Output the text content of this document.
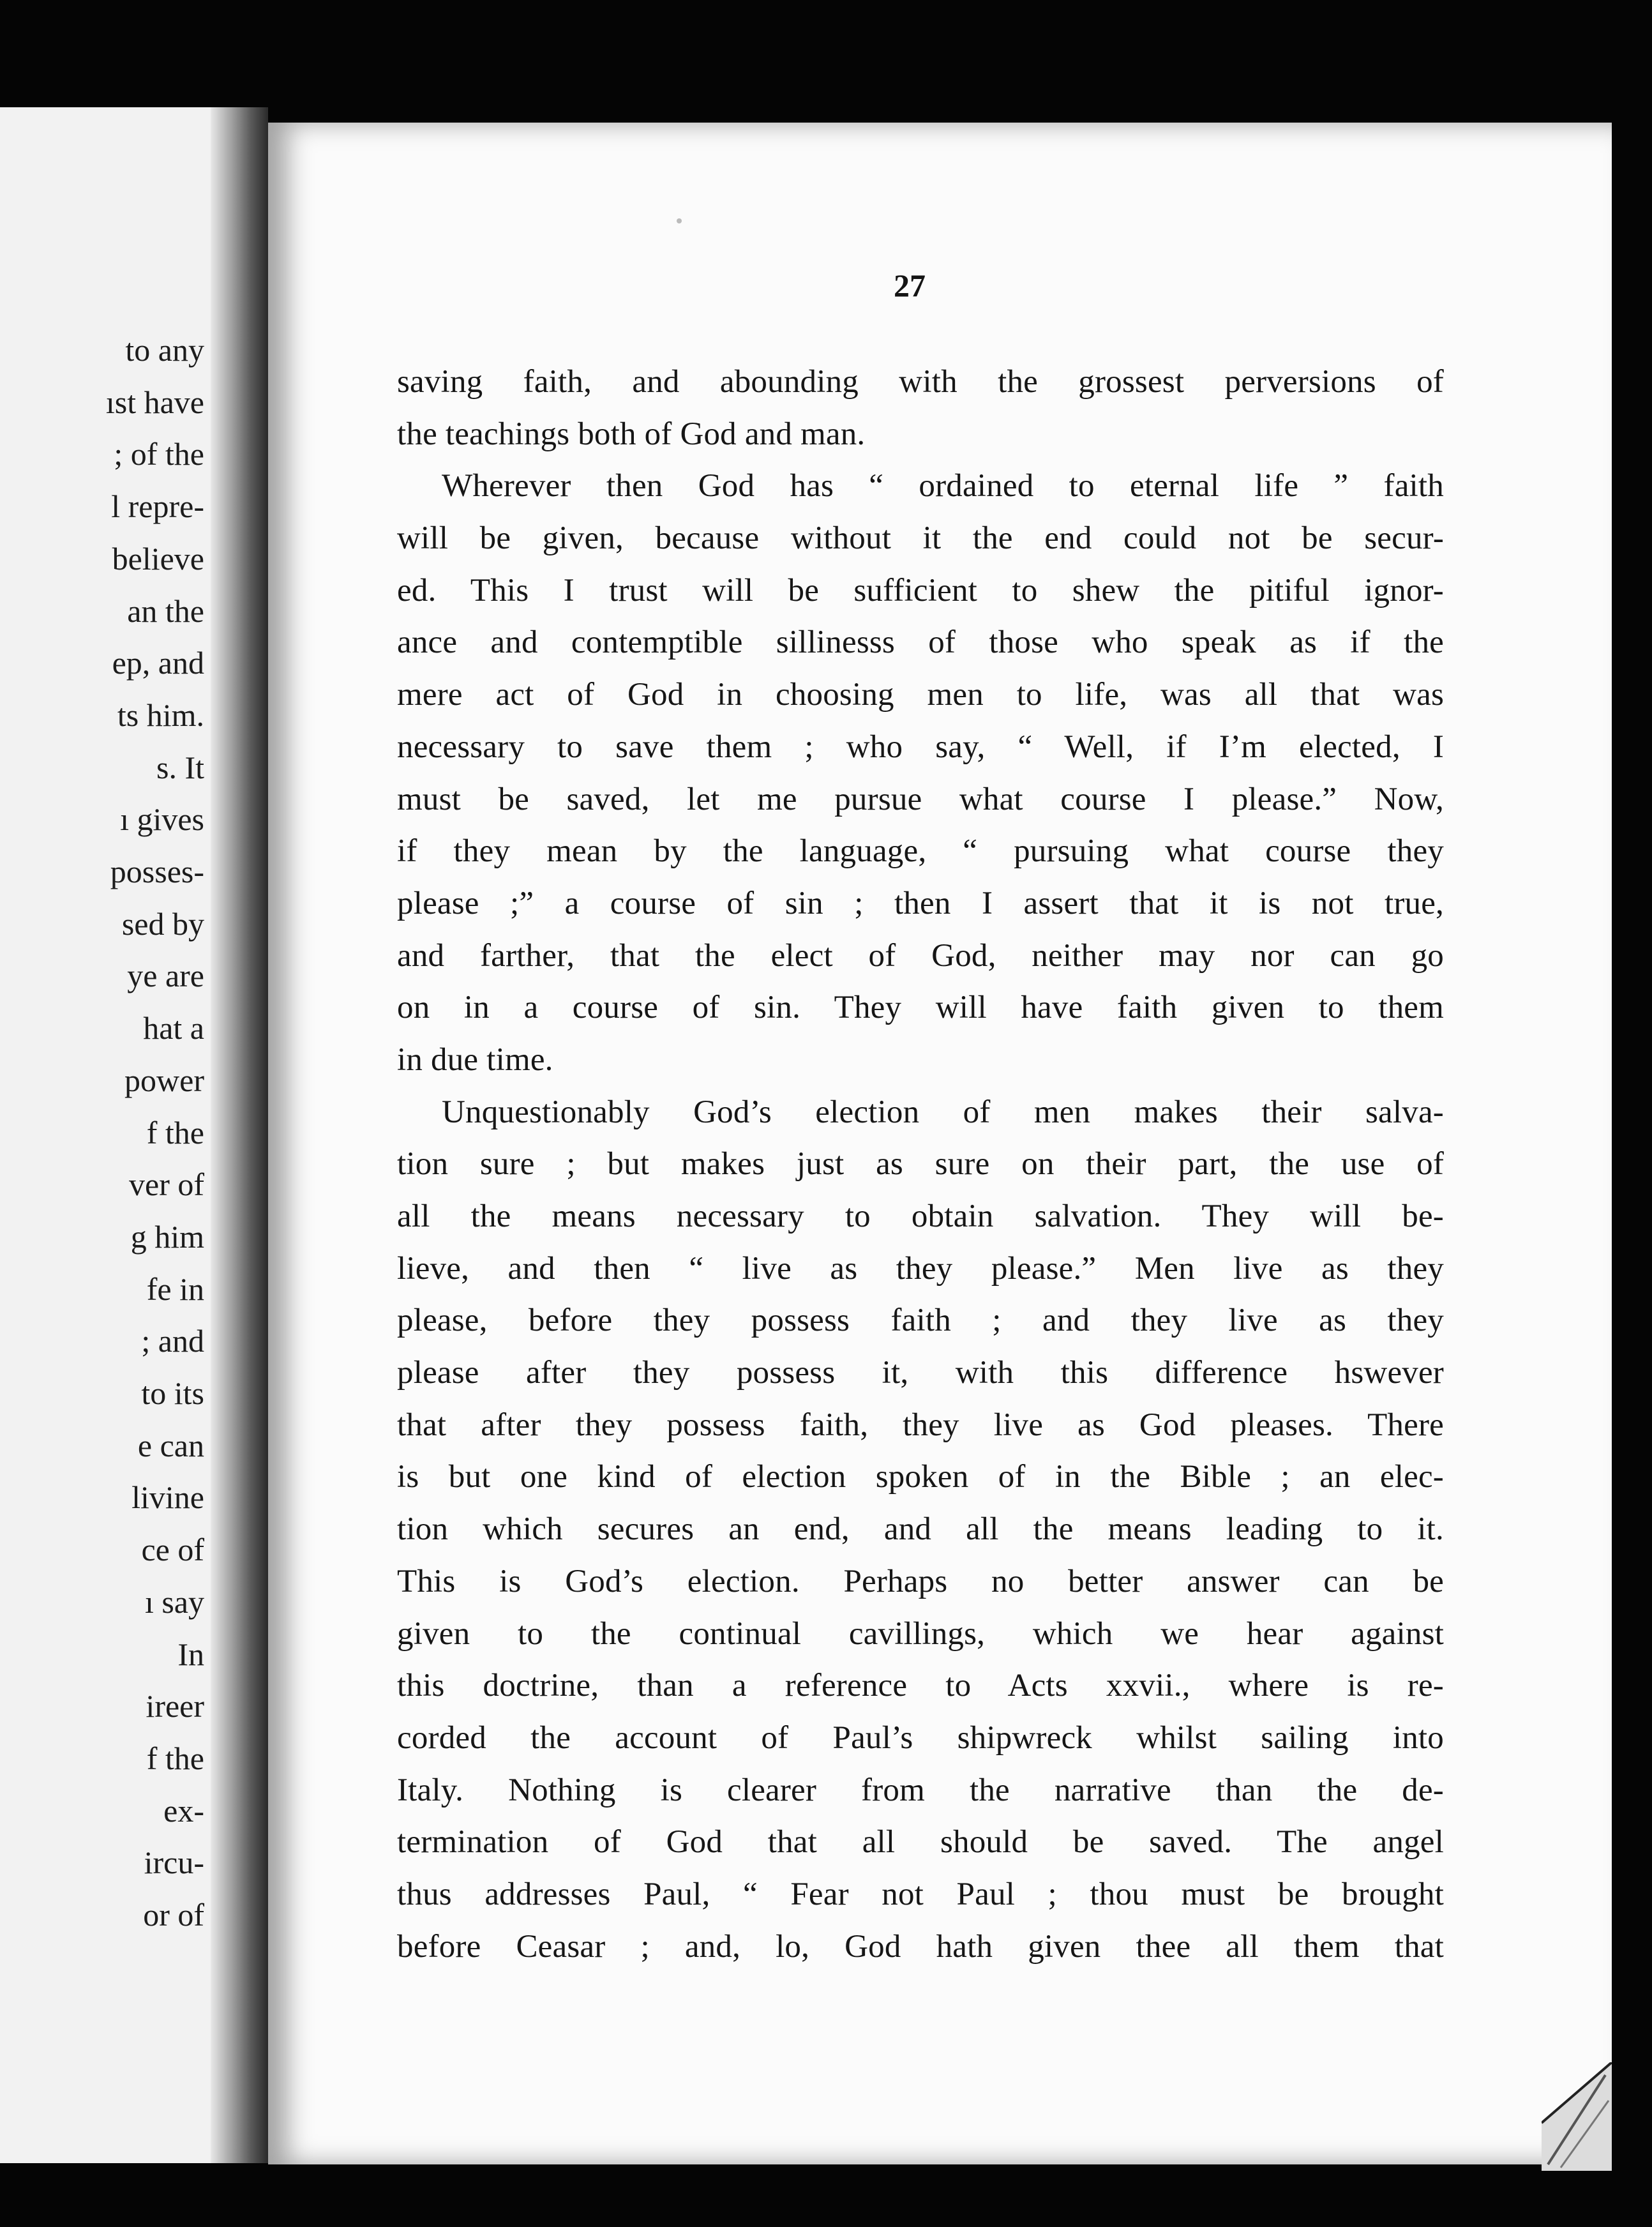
to any
ıst have
; of the
l repre-
believe
an the
ep, and
ts him.
s. It
ı gives
posses-
sed by
ye are
hat a
power
f the
ver of
g him
fe in
; and
to its
e can
livine
ce of
ı say
In
ireer
f the
ex-
ircu-
or of
27
saving faith, and abounding with the grossest perversions of
the teachings both of God and man.
Wherever then God has “ ordained to eternal life ” faith
will be given, because without it the end could not be secur-
ed. This I trust will be sufficient to shew the pitiful ignor-
ance and contemptible sillinesss of those who speak as if the
mere act of God in choosing men to life, was all that was
necessary to save them ; who say, “ Well, if I’m elected, I
must be saved, let me pursue what course I please.” Now,
if they mean by the language, “ pursuing what course they
please ;” a course of sin ; then I assert that it is not true,
and farther, that the elect of God, neither may nor can go
on in a course of sin. They will have faith given to them
in due time.
Unquestionably God’s election of men makes their salva-
tion sure ; but makes just as sure on their part, the use of
all the means necessary to obtain salvation. They will be-
lieve, and then “ live as they please.” Men live as they
please, before they possess faith ; and they live as they
please after they possess it, with this difference hswever
that after they possess faith, they live as God pleases. There
is but one kind of election spoken of in the Bible ; an elec-
tion which secures an end, and all the means leading to it.
This is God’s election. Perhaps no better answer can be
given to the continual cavillings, which we hear against
this doctrine, than a reference to Acts xxvii., where is re-
corded the account of Paul’s shipwreck whilst sailing into
Italy. Nothing is clearer from the narrative than the de-
termination of God that all should be saved. The angel
thus addresses Paul, “ Fear not Paul ; thou must be brought
before Ceasar ; and, lo, God hath given thee all them that
